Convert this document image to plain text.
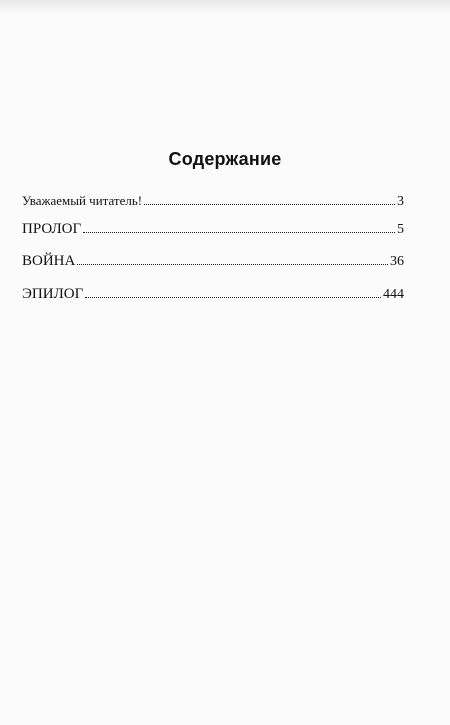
Содержание
Уважаемый читатель!	3
ПРОЛОГ	5
ВОЙНА	36
ЭПИЛОГ	444
